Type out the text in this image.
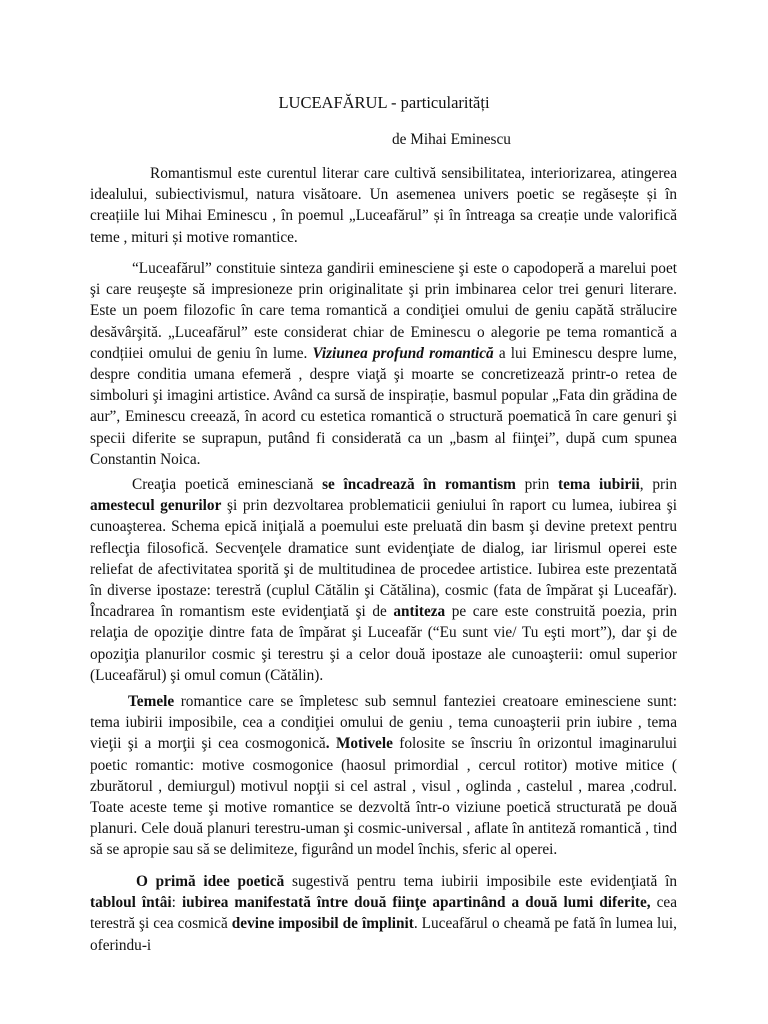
LUCEAFĂRUL - particularități
de Mihai Eminescu

Romantismul este curentul literar care cultivă sensibilitatea, interiorizarea, atingerea idealului, subiectivismul, natura visătoare. Un asemenea univers poetic se regăsește și în creațiile lui Mihai Eminescu , în poemul „Luceafărul” și în întreaga sa creație unde valorifică teme , mituri și motive romantice.

“Luceafărul” constituie sinteza gandirii eminesciene şi este o capodoperă a marelui poet şi care reuşeşte să impresioneze prin originalitate şi prin imbinarea celor trei genuri literare. Este un poem filozofic în care tema romantică a condiţiei omului de geniu capătă strălucire desăvârşită. „Luceafărul” este considerat chiar de Eminescu o alegorie pe tema romantică a condțiiei omului de geniu în lume. Viziunea profund romantică a lui Eminescu despre lume, despre conditia umana efemeră , despre viaţă şi moarte se concretizează printr-o retea de simboluri şi imagini artistice. Având ca sursă de inspirație, basmul popular „Fata din grădina de aur”, Eminescu creează, în acord cu estetica romantică o structură poematică în care genuri şi specii diferite se suprapun, putând fi considerată ca un „basm al fiinţei”, după cum spunea Constantin Noica.

Creaţia poetică eminesciană se încadrează în romantism prin tema iubirii, prin amestecul genurilor şi prin dezvoltarea problematicii geniului în raport cu lumea, iubirea şi cunoaşterea. Schema epică iniţială a poemului este preluată din basm şi devine pretext pentru reflecţia filosofică. Secvenţele dramatice sunt evidenţiate de dialog, iar lirismul operei este reliefat de afectivitatea sporită şi de multitudinea de procedee artistice. Iubirea este prezentată în diverse ipostaze: terestră (cuplul Cătălin şi Cătălina), cosmic (fata de împărat şi Luceafăr). Încadrarea în romantism este evidenţiată şi de antiteza pe care este construită poezia, prin relaţia de opoziţie dintre fata de împărat şi Luceafăr (“Eu sunt vie/ Tu eşti mort”), dar şi de opoziţia planurilor cosmic şi terestru şi a celor două ipostaze ale cunoaşterii: omul superior (Luceafărul) şi omul comun (Cătălin).

Temele romantice care se împletesc sub semnul fanteziei creatoare eminesciene sunt: tema iubirii imposibile, cea a condiţiei omului de geniu , tema cunoaşterii prin iubire , tema vieţii şi a morţii şi cea cosmogonică. Motivele folosite se înscriu în orizontul imaginarului poetic romantic: motive cosmogonice (haosul primordial , cercul rotitor) motive mitice ( zburătorul , demiurgul) motivul nopţii si cel astral , visul , oglinda , castelul , marea ,codrul. Toate aceste teme şi motive romantice se dezvoltă într-o viziune poetică structurată pe două planuri. Cele două planuri terestru-uman şi cosmic-universal , aflate în antiteză romantică , tind să se apropie sau să se delimiteze, figurând un model închis, sferic al operei.

O primă idee poetică sugestivă pentru tema iubirii imposibile este evidenţiată în tabloul întâi: iubirea manifestată între două fiinţe apartinând a două lumi diferite, cea terestră şi cea cosmică devine imposibil de împlinit. Luceafărul o cheamă pe fată în lumea lui, oferindu-i
